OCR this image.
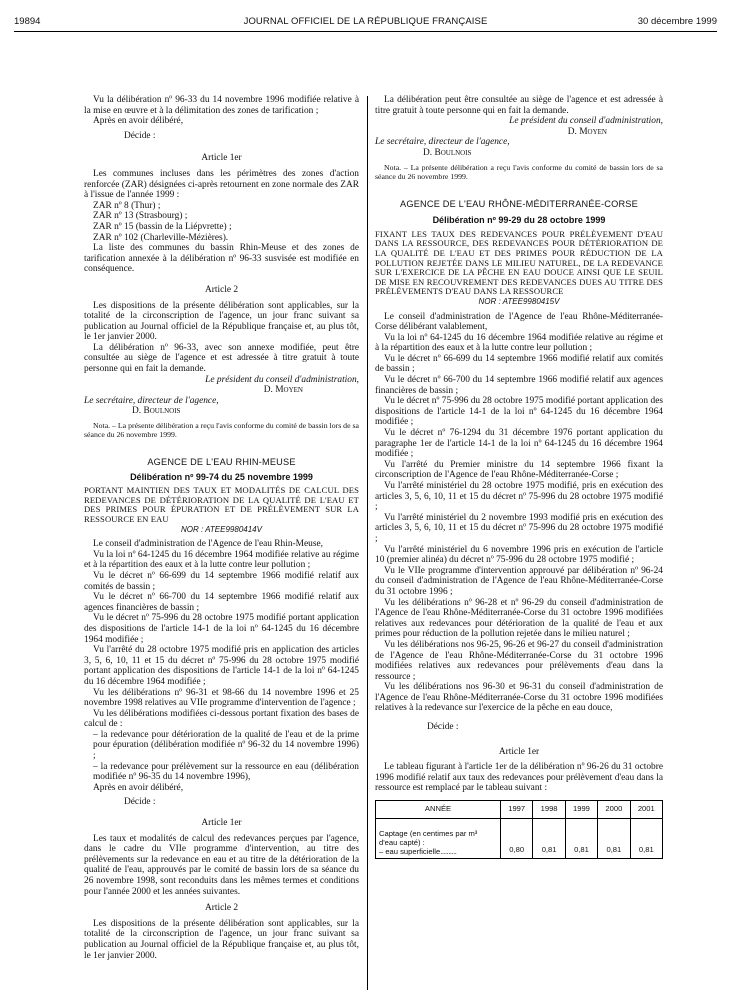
19894	JOURNAL OFFICIEL DE LA RÉPUBLIQUE FRANÇAISE	30 décembre 1999

Vu la délibération nº 96-33 du 14 novembre 1996 modifiée relative à la mise en œuvre et à la délimitation des zones de tarification ;

Après en avoir délibéré,

Décide :

Article 1er

Les communes incluses dans les périmètres des zones d'action renforcée (ZAR) désignées ci-après retournent en zone normale des ZAR à l'issue de l'année 1999 :

ZAR nº 8 (Thur) ;

ZAR nº 13 (Strasbourg) ;

ZAR nº 15 (bassin de la Liépvrette) ;

ZAR nº 102 (Charleville-Mézières).

La liste des communes du bassin Rhin-Meuse et des zones de tarification annexée à la délibération nº 96-33 susvisée est modifiée en conséquence.

Article 2

Les dispositions de la présente délibération sont applicables, sur la totalité de la circonscription de l'agence, un jour franc suivant sa publication au Journal officiel de la République française et, au plus tôt, le 1er janvier 2000.

La délibération nº 96-33, avec son annexe modifiée, peut être consultée au siège de l'agence et est adressée à titre gratuit à toute personne qui en fait la demande.

Le président du conseil d'administration,

D. Moyen

Le secrétaire, directeur de l'agence,

D. Boulnois

Nota. – La présente délibération a reçu l'avis conforme du comité de bassin lors de sa séance du 26 novembre 1999.

AGENCE DE L'EAU RHIN-MEUSE

Délibération nº 99-74 du 25 novembre 1999

PORTANT MAINTIEN DES TAUX ET MODALITÉS DE CALCUL DES REDEVANCES DE DÉTÉRIORATION DE LA QUALITÉ DE L'EAU ET DES PRIMES POUR ÉPURATION ET DE PRÉLÈVEMENT SUR LA RESSOURCE EN EAU

NOR : ATEE9980414V

Le conseil d'administration de l'Agence de l'eau Rhin-Meuse,

Vu la loi nº 64-1245 du 16 décembre 1964 modifiée relative au régime et à la répartition des eaux et à la lutte contre leur pollution ;

Vu le décret nº 66-699 du 14 septembre 1966 modifié relatif aux comités de bassin ;

Vu le décret nº 66-700 du 14 septembre 1966 modifié relatif aux agences financières de bassin ;

Vu le décret nº 75-996 du 28 octobre 1975 modifié portant application des dispositions de l'article 14-1 de la loi nº 64-1245 du 16 décembre 1964 modifiée ;

Vu l'arrêté du 28 octobre 1975 modifié pris en application des articles 3, 5, 6, 10, 11 et 15 du décret nº 75-996 du 28 octobre 1975 modifié portant application des dispositions de l'article 14-1 de la loi nº 64-1245 du 16 décembre 1964 modifiée ;

Vu les délibérations nº 96-31 et 98-66 du 14 novembre 1996 et 25 novembre 1998 relatives au VIIe programme d'intervention de l'agence ;

Vu les délibérations modifiées ci-dessous portant fixation des bases de calcul de :

– la redevance pour détérioration de la qualité de l'eau et de la prime pour épuration (délibération modifiée nº 96-32 du 14 novembre 1996) ;

– la redevance pour prélèvement sur la ressource en eau (délibération modifiée nº 96-35 du 14 novembre 1996),

Après en avoir délibéré,

Décide :

Article 1er

Les taux et modalités de calcul des redevances perçues par l'agence, dans le cadre du VIIe programme d'intervention, au titre des prélèvements sur la redevance en eau et au titre de la détérioration de la qualité de l'eau, approuvés par le comité de bassin lors de sa séance du 26 novembre 1998, sont reconduits dans les mêmes termes et conditions pour l'année 2000 et les années suivantes.

Article 2

Les dispositions de la présente délibération sont applicables, sur la totalité de la circonscription de l'agence, un jour franc suivant sa publication au Journal officiel de la République française et, au plus tôt, le 1er janvier 2000.

La délibération peut être consultée au siège de l'agence et est adressée à titre gratuit à toute personne qui en fait la demande.

Le président du conseil d'administration,

D. Moyen

Le secrétaire, directeur de l'agence,

D. Boulnois

Nota. – La présente délibération a reçu l'avis conforme du comité de bassin lors de sa séance du 26 novembre 1999.

AGENCE DE L'EAU RHÔNE-MÉDITERRANÉE-CORSE

Délibération nº 99-29 du 28 octobre 1999

FIXANT LES TAUX DES REDEVANCES POUR PRÉLÈVEMENT D'EAU DANS LA RESSOURCE, DES REDEVANCES POUR DÉTÉRIORATION DE LA QUALITÉ DE L'EAU ET DES PRIMES POUR RÉDUCTION DE LA POLLUTION REJETÉE DANS LE MILIEU NATUREL, DE LA REDEVANCE SUR L'EXERCICE DE LA PÊCHE EN EAU DOUCE AINSI QUE LE SEUIL DE MISE EN RECOUVREMENT DES REDEVANCES DUES AU TITRE DES PRÉLÈVEMENTS D'EAU DANS LA RESSOURCE

NOR : ATEE9980415V

Le conseil d'administration de l'Agence de l'eau Rhône-Méditerranée-Corse délibérant valablement,

Vu la loi nº 64-1245 du 16 décembre 1964 modifiée relative au régime et à la répartition des eaux et à la lutte contre leur pollution ;

Vu le décret nº 66-699 du 14 septembre 1966 modifié relatif aux comités de bassin ;

Vu le décret nº 66-700 du 14 septembre 1966 modifié relatif aux agences financières de bassin ;

Vu le décret nº 75-996 du 28 octobre 1975 modifié portant application des dispositions de l'article 14-1 de la loi nº 64-1245 du 16 décembre 1964 modifiée ;

Vu le décret nº 76-1294 du 31 décembre 1976 portant application du paragraphe 1er de l'article 14-1 de la loi nº 64-1245 du 16 décembre 1964 modifiée ;

Vu l'arrêté du Premier ministre du 14 septembre 1966 fixant la circonscription de l'Agence de l'eau Rhône-Méditerranée-Corse ;

Vu l'arrêté ministériel du 28 octobre 1975 modifié, pris en exécution des articles 3, 5, 6, 10, 11 et 15 du décret nº 75-996 du 28 octobre 1975 modifié ;

Vu l'arrêté ministériel du 2 novembre 1993 modifié pris en exécution des articles 3, 5, 6, 10, 11 et 15 du décret nº 75-996 du 28 octobre 1975 modifié ;

Vu l'arrêté ministériel du 6 novembre 1996 pris en exécution de l'article 10 (premier alinéa) du décret nº 75-996 du 28 octobre 1975 modifié ;

Vu le VIIe programme d'intervention approuvé par délibération nº 96-24 du conseil d'administration de l'Agence de l'eau Rhône-Méditerranée-Corse du 31 octobre 1996 ;

Vu les délibérations nº 96-28 et nº 96-29 du conseil d'administration de l'Agence de l'eau Rhône-Méditerranée-Corse du 31 octobre 1996 modifiées relatives aux redevances pour détérioration de la qualité de l'eau et aux primes pour réduction de la pollution rejetée dans le milieu naturel ;

Vu les délibérations nos 96-25, 96-26 et 96-27 du conseil d'administration de l'Agence de l'eau Rhône-Méditerranée-Corse du 31 octobre 1996 modifiées relatives aux redevances pour prélèvements d'eau dans la ressource ;

Vu les délibérations nos 96-30 et 96-31 du conseil d'administration de l'Agence de l'eau Rhône-Méditerranée-Corse du 31 octobre 1996 modifiées relatives à la redevance sur l'exercice de la pêche en eau douce,

Décide :

Article 1er

Le tableau figurant à l'article 1er de la délibération nº 96-26 du 31 octobre 1996 modifié relatif aux taux des redevances pour prélèvement d'eau dans la ressource est remplacé par le tableau suivant :

ANNÉE	1997	1998	1999	2000	2001

Captage (en centimes par m³ d'eau capté) :
– eau superficielle..........	0,80	0,81	0,81	0,81	0,81
